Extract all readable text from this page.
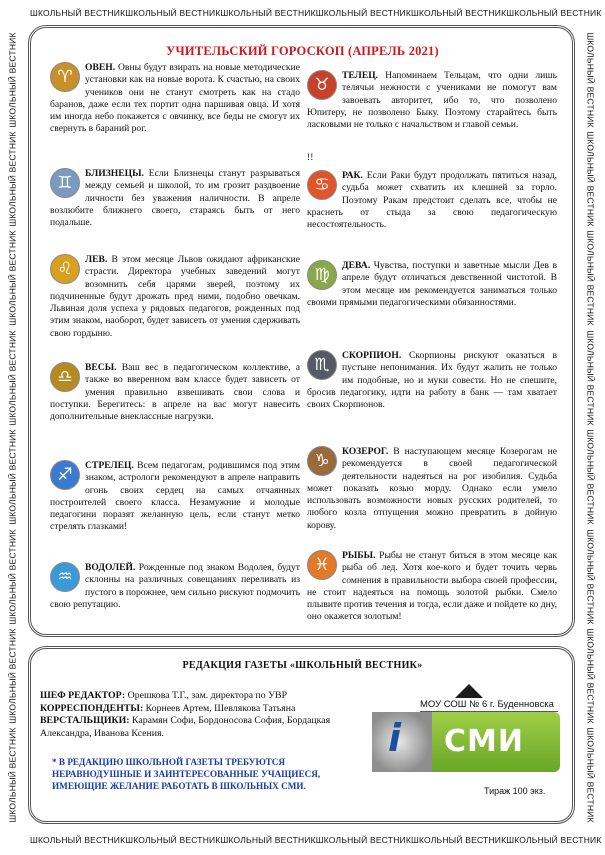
ШКОЛЬНЫЙ ВЕСТНИК ШКОЛЬНЫЙ ВЕСТНИК ШКОЛЬНЫЙ ВЕСТНИК ШКОЛЬНЫЙ ВЕСТНИК ШКОЛЬНЫЙ ВЕСТНИК ШКОЛЬНЫЙ ВЕСТНИК
ШКОЛЬНЫЙ ВЕСТНИК ШКОЛЬНЫЙ ВЕСТНИК ШКОЛЬНЫЙ ВЕСТНИК ШКОЛЬНЫЙ ВЕСТНИК ШКОЛЬНЫЙ ВЕСТНИК ШКОЛЬНЫЙ ВЕСТНИК
ШКОЛЬНЫЙ ВЕСТНИК
ШКОЛЬНЫЙ ВЕСТНИК
ШКОЛЬНЫЙ ВЕСТНИК
ШКОЛЬНЫЙ ВЕСТНИК
ШКОЛЬНЫЙ ВЕСТНИК
ШКОЛЬНЫЙ ВЕСТНИК
ШКОЛЬНЫЙ ВЕСТНИК
ШКОЛЬНЫЙ ВЕСТНИК
ШКОЛЬНЫЙ ВЕСТНИК
ШКОЛЬНЫЙ ВЕСТНИК
ШКОЛЬНЫЙ ВЕСТНИК
ШКОЛЬНЫЙ ВЕСТНИК
ШКОЛЬНЫЙ ВЕСТНИК
ШКОЛЬНЫЙ ВЕСТНИК
ШКОЛЬНЫЙ ВЕСТНИК
ШКОЛЬНЫЙ ВЕСТНИК
УЧИТЕЛЬСКИЙ ГОРОСКОП (АПРЕЛЬ 2021)
♈	ОВЕН. Овны будут взирать на новые методические установки как на новые ворота. К счастью, на своих учеников они не станут смотреть как на стадо баранов, даже если тех портит одна паршивая овца. И хотя им иногда небо покажется с овчинку, все беды не смогут их свернуть в бараний рог.
♊	БЛИЗНЕЦЫ. Если Близнецы станут разрываться между семьей и школой, то им грозит раздвоение личности без уважения наличности. В апреле возлюбите ближнего своего, стараясь быть от него подальше.
♌	ЛЕВ. В этом месяце Львов ожидают африканские страсти. Директора учебных заведений могут возомнить себя царями зверей, поэтому их подчиненные будут дрожать пред ними, подобно овечкам. Львиная доля успеха у рядовых педагогов, рожденных под этим знаком, наоборот, будет зависеть от умения сдерживать свою гордыню.
♎	ВЕСЫ. Ваш вес в педагогическом коллективе, а также во вверенном вам классе будет зависеть от умения правильно взвешивать свои слова и поступки. Берегитесь: в апреле на вас могут навесить дополнительные внеклассные нагрузки.
♐	СТРЕЛЕЦ. Всем педагогам, родившимся под этим знаком, астрологи рекомендуют в апреле направить огонь своих сердец на самых отчаянных построителей своего класса. Незамужние и молодые педагогини поразят желанную цель, если станут метко стрелять глазками!
♒	ВОДОЛЕЙ. Рожденные под знаком Водолея, будут склонны на различных совещаниях переливать из пустого в порожнее, чем сильно рискуют подмочить свою репутацию.
♉	ТЕЛЕЦ. Напоминаем Тельцам, что одни лишь телячьи нежности с учениками не помогут вам завоевать авторитет, ибо то, что позволено Юпитеру, не позволено Быку. Поэтому старайтесь быть ласковыми не только с начальством и главой семьи.
!!
♋	РАК. Если Раки будут продолжать пятиться назад, судьба может схватить их клешней за горло. Поэтому Ракам предстоит сделать все, чтобы не краснеть от стыда за свою педагогическую несостоятельность.
♍	ДЕВА. Чувства, поступки и заветные мысли Дев в апреле будут отличаться девственной чистотой. В этом месяце им рекомендуется заниматься только своими прямыми педагогическими обязанностями.
♏	СКОРПИОН. Скорпионы рискуют оказаться в пустыне непонимания. Их будут жалить не только им подобные, но и муки совести. Но не спешите, бросив педагогику, идти на работу в банк — там хватает своих Скорпионов.
♑	КОЗЕРОГ. В наступающем месяце Козерогам не рекомендуется в своей педагогической деятельности надеяться на рог изобилия. Судьба может показать козью морду. Однако если умело использовать возможности новых русских родителей, то любого козла отпущения можно превратить в дойную корову.
♓	РЫБЫ. Рыбы не станут биться в этом месяце как рыба об лед. Хотя кое-кого и будет точить червь сомнения в правильности выбора своей профессии, не стоит надеяться на помощь золотой рыбки. Смело плывите против течения и тогда, если даже и пойдете ко дну, оно окажется золотым!
РЕДАКЦИЯ ГАЗЕТЫ «ШКОЛЬНЫЙ ВЕСТНИК»
ШЕФ РЕДАКТОР: Орешкова Т.Г., зам. директора по УВР
КОРРЕСПОНДЕНТЫ: Корнеев Артем, Шевлякова Татьяна
ВЕРСТАЛЬЩИКИ: Карамян Софи, Бордоносова София, Бордацкая Александра, Иванова Ксения.
* В РЕДАКЦИЮ ШКОЛЬНОЙ ГАЗЕТЫ ТРЕБУЮТСЯ НЕРАВНОДУШНЫЕ И ЗАИНТЕРЕСОВАННЫЕ УЧАЩИЕСЯ, ИМЕЮЩИЕ ЖЕЛАНИЕ РАБОТАТЬ В ШКОЛЬНЫХ СМИ.
МОУ СОШ № 6 г. Буденновска
i СМИ
Тираж 100 экз.
